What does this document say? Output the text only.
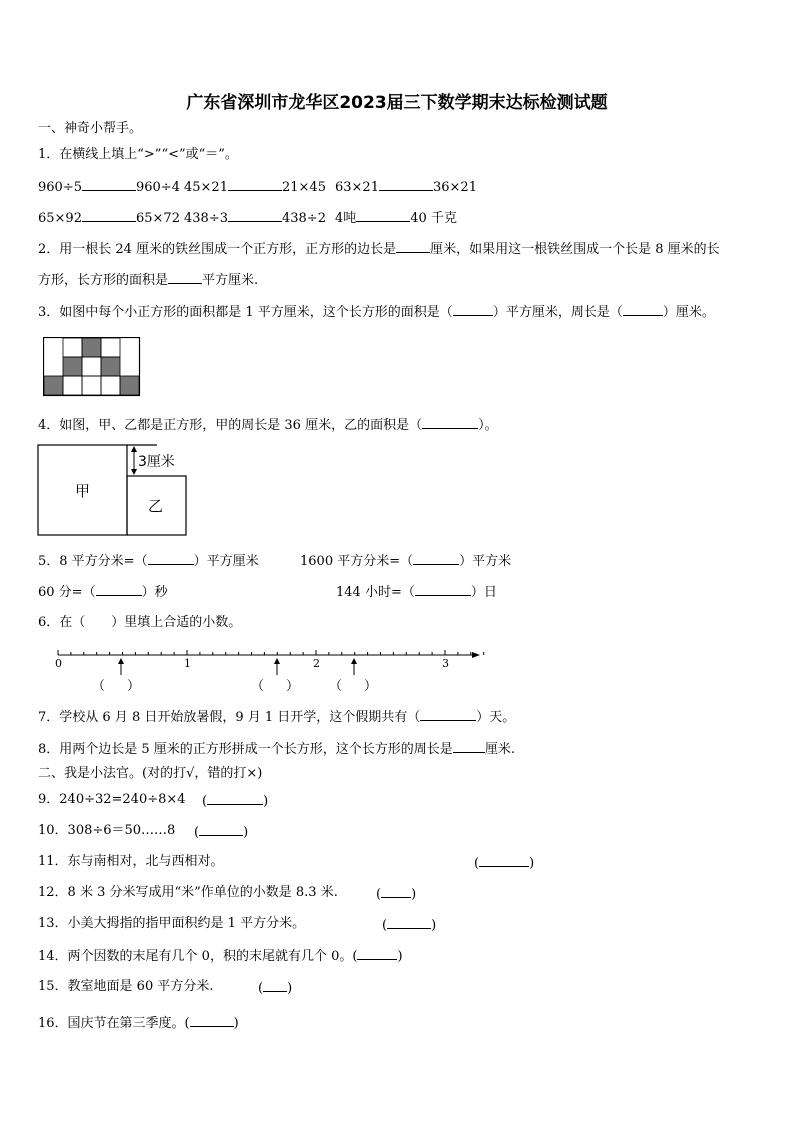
广东省深圳市龙华区2023届三下数学期末达标检测试题
一、神奇小帮手。
1．在横线上填上“>”“<”或“＝”。
960÷5	960÷4 45×21	21×45 63×21	36×21
65×92	65×72 438÷3	438÷2 4吨	40 千克
2．用一根长 24 厘米的铁丝围成一个正方形，正方形的边长是	厘米，如果用这一根铁丝围成一个长是 8 厘米的长
方形，长方形的面积是	平方厘米.
3．如图中每个小正方形的面积都是 1 平方厘米，这个长方形的面积是（	）平方厘米，周长是（	）厘米。
4．如图，甲、乙都是正方形，甲的周长是 36 厘米，乙的面积是（	）。
甲
乙
3厘米
5．8 平方分米=（	）平方厘米	1600 平方分米=（	）平方米
60 分=（	）秒	144 小时=（	）日
6．在（　　）里填上合适的小数。
0	1	2	3
（ ）	（ ） （ ）
7．学校从 6 月 8 日开始放暑假，9 月 1 日开学，这个假期共有（	）天。
8．用两个边长是 5 厘米的正方形拼成一个长方形，这个长方形的周长是 厘米.
二、我是小法官。(对的打√，错的打×)
9．240÷32=240÷8×4 (	)
10．308÷6＝50……8 (	)
11．东与南相对，北与西相对。	(	)
12．8 米 3 分米写成用“米”作单位的小数是 8.3 米.	( )
13．小美大拇指的指甲面积约是 1 平方分米。	(	)
14．两个因数的末尾有几个 0，积的末尾就有几个 0。(	)
15．教室地面是 60 平方分米.	( )
16．国庆节在第三季度。(	)
